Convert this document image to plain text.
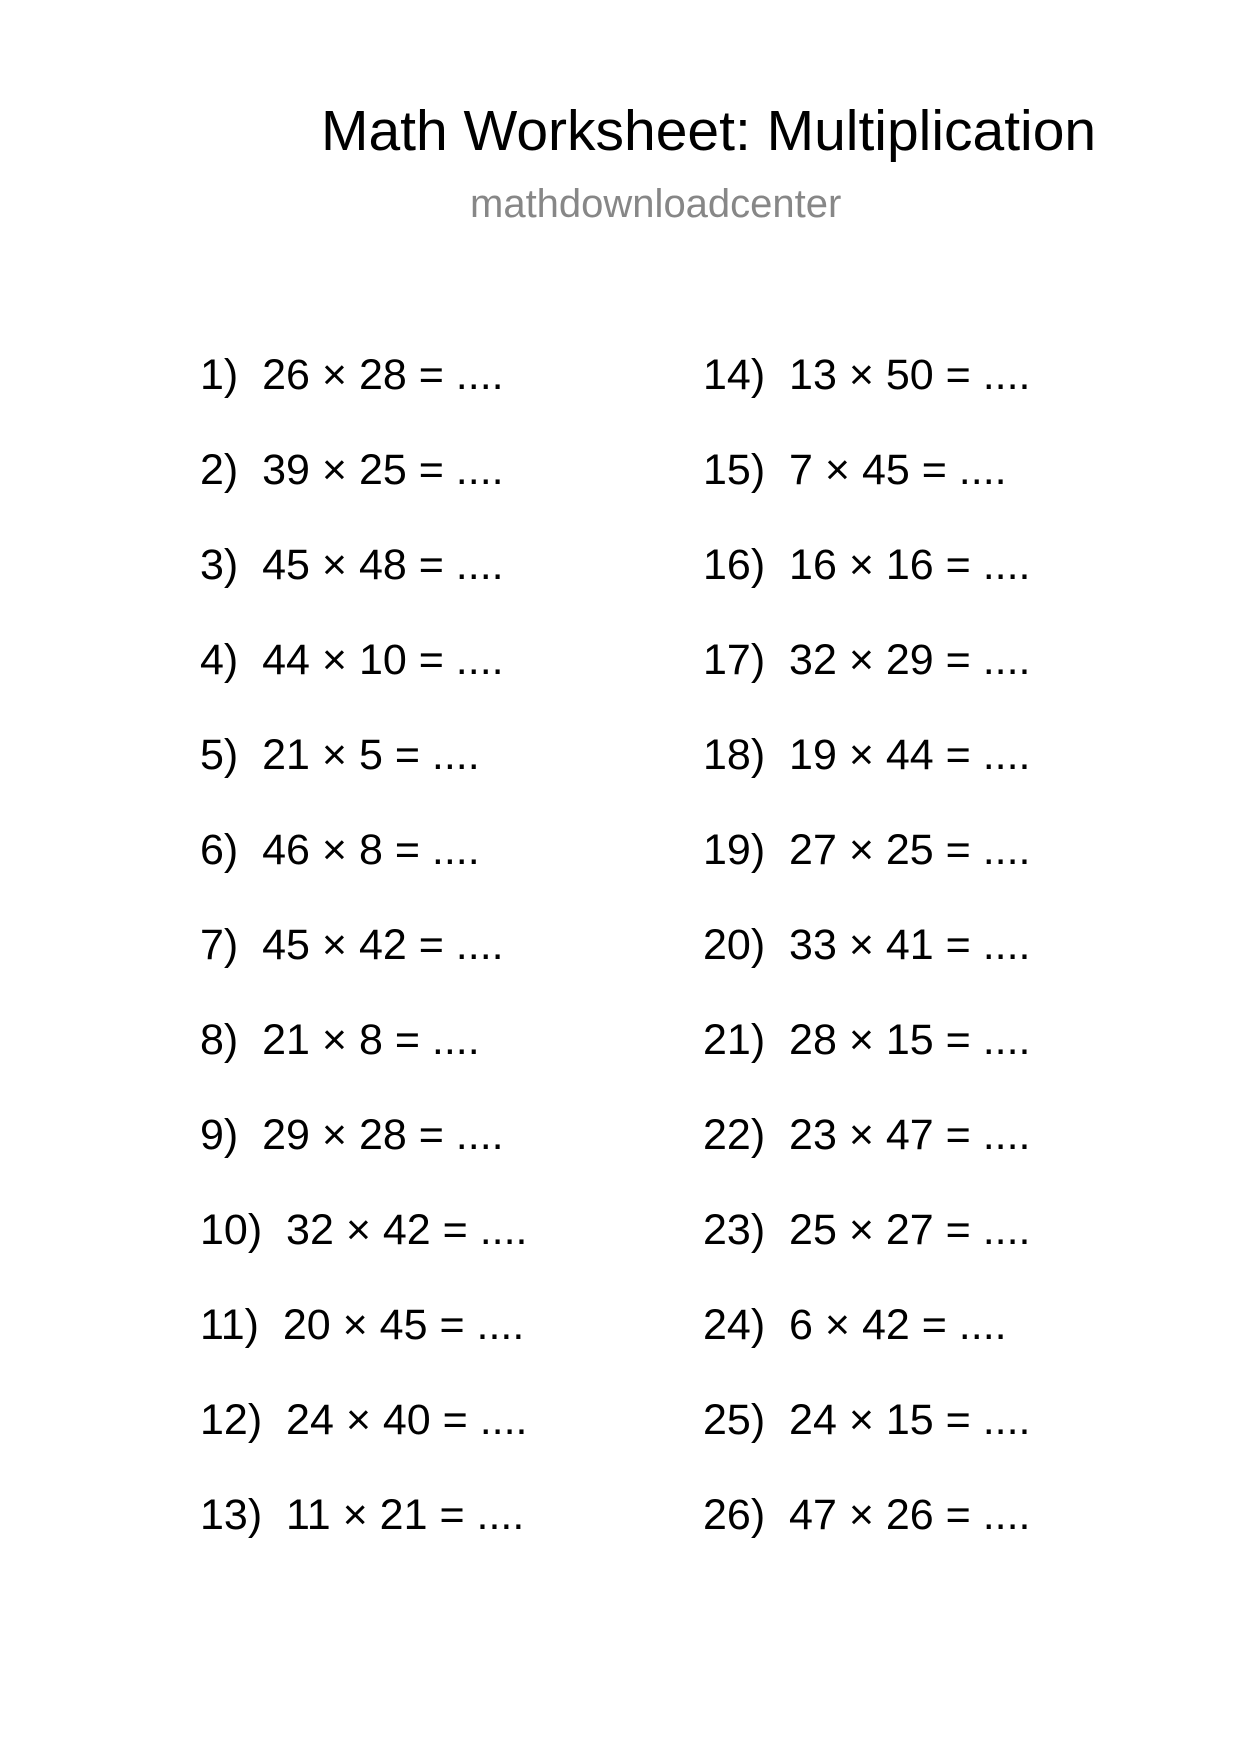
Math Worksheet: Multiplication
mathdownloadcenter
1)  26 × 28 = ....
2)  39 × 25 = ....
3)  45 × 48 = ....
4)  44 × 10 = ....
5)  21 × 5 = ....
6)  46 × 8 = ....
7)  45 × 42 = ....
8)  21 × 8 = ....
9)  29 × 28 = ....
10)  32 × 42 = ....
11)  20 × 45 = ....
12)  24 × 40 = ....
13)  11 × 21 = ....
14)  13 × 50 = ....
15)  7 × 45 = ....
16)  16 × 16 = ....
17)  32 × 29 = ....
18)  19 × 44 = ....
19)  27 × 25 = ....
20)  33 × 41 = ....
21)  28 × 15 = ....
22)  23 × 47 = ....
23)  25 × 27 = ....
24)  6 × 42 = ....
25)  24 × 15 = ....
26)  47 × 26 = ....
